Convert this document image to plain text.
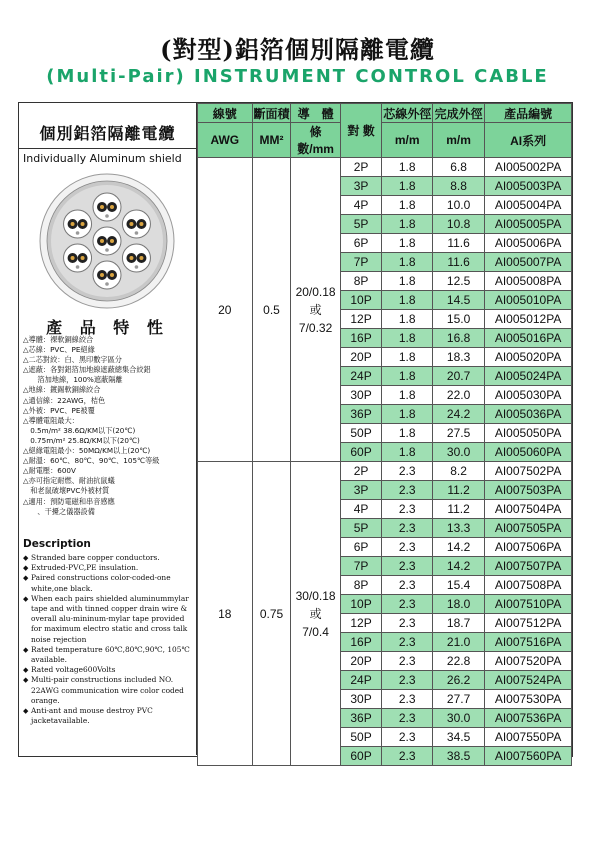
(對型)鋁箔個別隔離電纜
(Multi-Pair) INSTRUMENT CONTROL CABLE
個別鋁箔隔離電纜
Individually Aluminum shield
產 品 特 性
△導體：裸軟銅線絞合
△芯線：PVC、PE絕緣
△二芯對絞：白、黑印數字區分
△遮蔽：各對鋁箔加地線遮蔽總集合絞鋁
　　箔加地線，100%遮蔽隔離
△地線：鍍錫軟銅線絞合
△通信線：22AWG，桔色
△外被：PVC、PE被覆
△導體電阻最大：
　0.5m/m² 38.6Ω/KM以下(20℃)
　0.75m/m² 25.8Ω/KM以下(20℃)
△絕緣電阻最小：50MΩ/KM以上(20℃)
△耐溫：60℃、80℃、90℃、105℃等級
△耐電壓：600V
△亦可指定耐燃、耐油抗鼠蟻
　和老鼠破壞PVC外被材質
△適用：預防電磁和串音感應
　　、干擾之儀器設備
Description
◆ Stranded bare copper conductors.
◆ Extruded-PVC,PE insulation.
◆ Paired constructions color-coded-one white,one black.
◆ When each pairs shielded aluminummylar tape and with tinned copper drain wire & overall alu-mininum-mylar tape provided for maximum electro static and cross talk noise rejection
◆ Rated temperature 60℃,80℃,90℃, 105℃ available.
◆ Rated voltage600Volts
◆ Multi-pair constructions included NO. 22AWG communication wire color coded orange.
◆ Anti-ant and mouse destroy PVC jacketavailable.
線號	斷面積	導　體	對 數	芯線外徑	完成外徑	產品編號
AWG	MM²	條數/mm		m/m	m/m	AI系列
20	0.5	20/0.18
或
7/0.32	2P	1.8	6.8	AI005002PA
			3P	1.8	8.8	AI005003PA
			4P	1.8	10.0	AI005004PA
			5P	1.8	10.8	AI005005PA
			6P	1.8	11.6	AI005006PA
			7P	1.8	11.6	AI005007PA
			8P	1.8	12.5	AI005008PA
			10P	1.8	14.5	AI005010PA
			12P	1.8	15.0	AI005012PA
			16P	1.8	16.8	AI005016PA
			20P	1.8	18.3	AI005020PA
			24P	1.8	20.7	AI005024PA
			30P	1.8	22.0	AI005030PA
			36P	1.8	24.2	AI005036PA
			50P	1.8	27.5	AI005050PA
			60P	1.8	30.0	AI005060PA
18	0.75	30/0.18
或
7/0.4	2P	2.3	8.2	AI007502PA
			3P	2.3	11.2	AI007503PA
			4P	2.3	11.2	AI007504PA
			5P	2.3	13.3	AI007505PA
			6P	2.3	14.2	AI007506PA
			7P	2.3	14.2	AI007507PA
			8P	2.3	15.4	AI007508PA
			10P	2.3	18.0	AI007510PA
			12P	2.3	18.7	AI007512PA
			16P	2.3	21.0	AI007516PA
			20P	2.3	22.8	AI007520PA
			24P	2.3	26.2	AI007524PA
			30P	2.3	27.7	AI007530PA
			36P	2.3	30.0	AI007536PA
			50P	2.3	34.5	AI007550PA
			60P	2.3	38.5	AI007560PA
